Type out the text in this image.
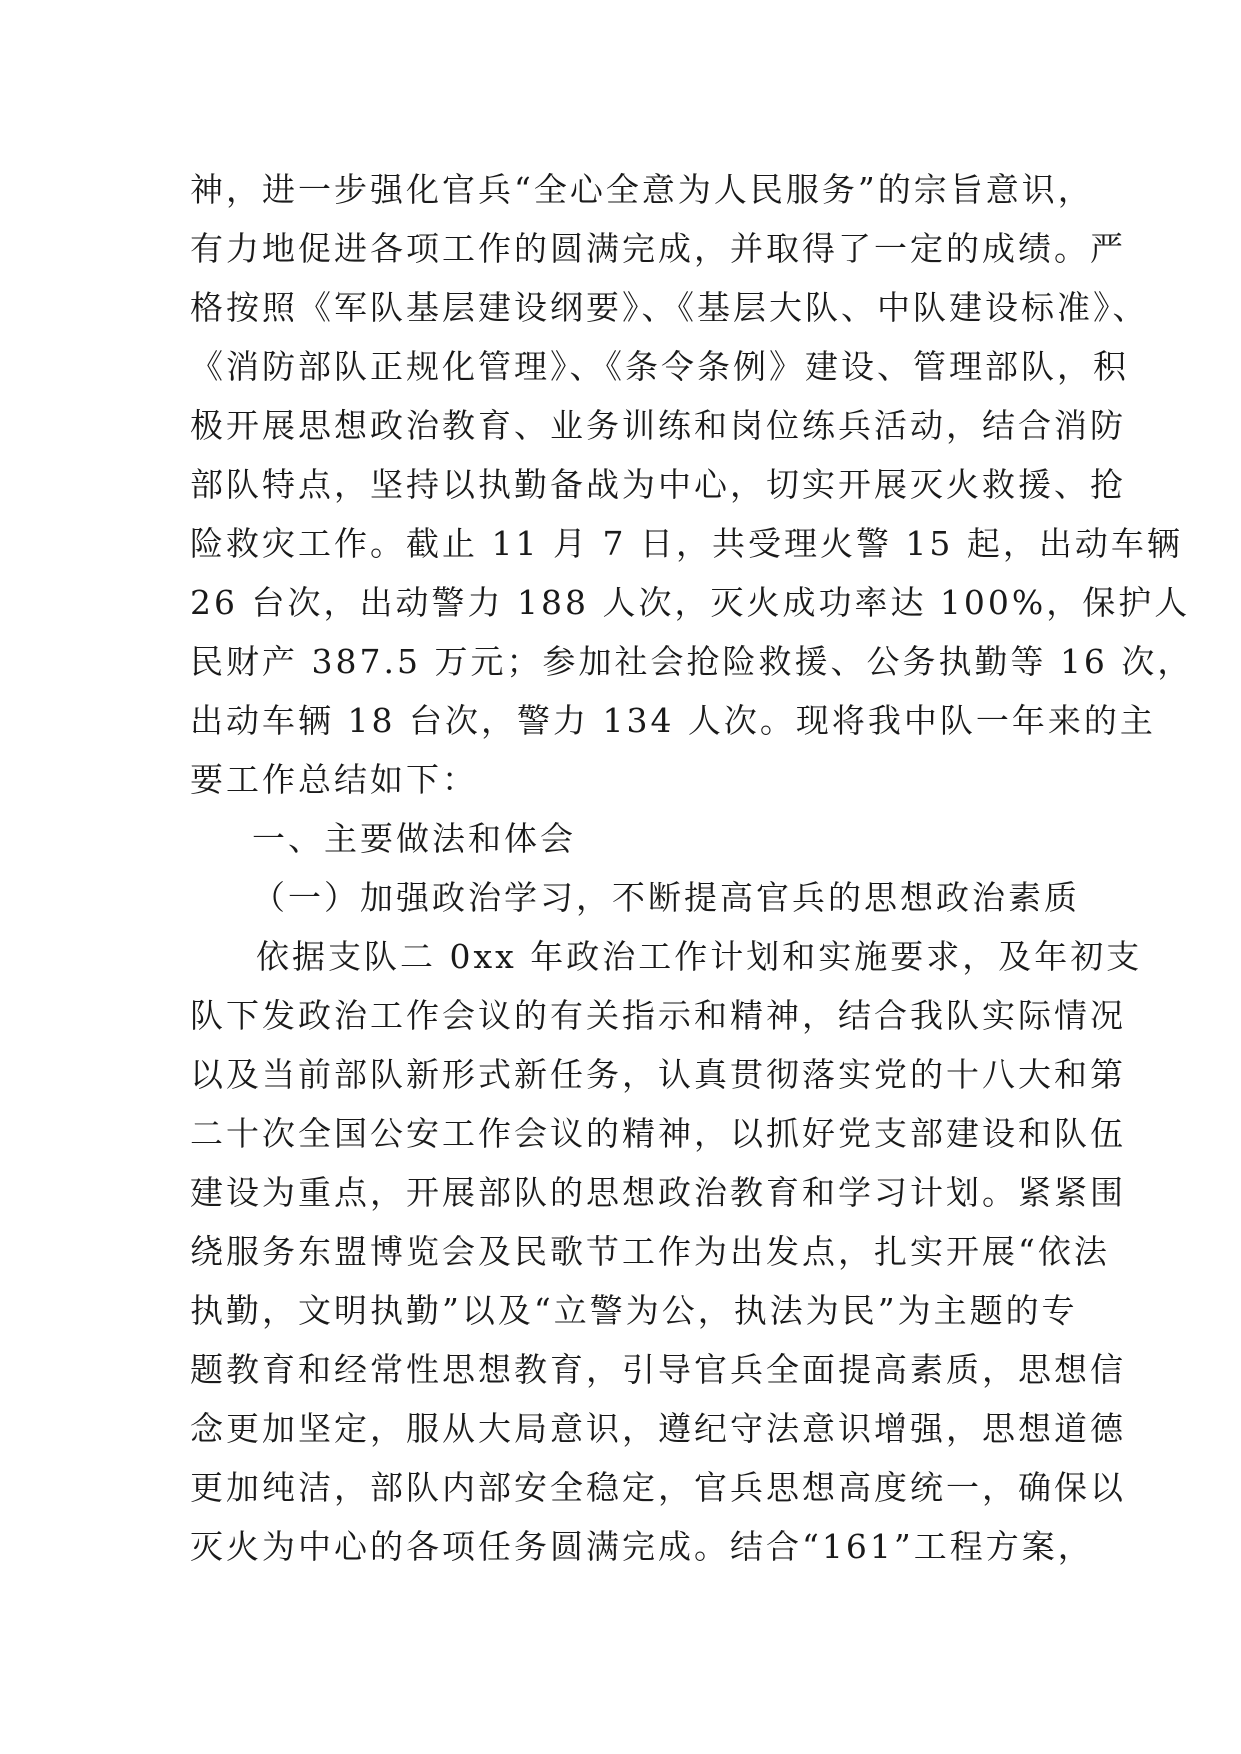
神，进一步强化官兵“全心全意为人民服务”的宗旨意识，
有力地促进各项工作的圆满完成，并取得了一定的成绩。严
格按照《军队基层建设纲要》、《基层大队、中队建设标准》、
《消防部队正规化管理》、《条令条例》建设、管理部队，积
极开展思想政治教育、业务训练和岗位练兵活动，结合消防
部队特点，坚持以执勤备战为中心，切实开展灭火救援、抢
险救灾工作。截止 11 月 7 日，共受理火警 15 起，出动车辆
26 台次，出动警力 188 人次，灭火成功率达 100%，保护人
民财产 387.5 万元；参加社会抢险救援、公务执勤等 16 次，
出动车辆 18 台次，警力 134 人次。现将我中队一年来的主
要工作总结如下：
一、主要做法和体会
（一）加强政治学习，不断提高官兵的思想政治素质
依据支队二 0xx 年政治工作计划和实施要求，及年初支
队下发政治工作会议的有关指示和精神，结合我队实际情况
以及当前部队新形式新任务，认真贯彻落实党的十八大和第
二十次全国公安工作会议的精神，以抓好党支部建设和队伍
建设为重点，开展部队的思想政治教育和学习计划。紧紧围
绕服务东盟博览会及民歌节工作为出发点，扎实开展“依法
执勤，文明执勤”以及“立警为公，执法为民”为主题的专
题教育和经常性思想教育，引导官兵全面提高素质，思想信
念更加坚定，服从大局意识，遵纪守法意识增强，思想道德
更加纯洁，部队内部安全稳定，官兵思想高度统一，确保以
灭火为中心的各项任务圆满完成。结合“161”工程方案，
